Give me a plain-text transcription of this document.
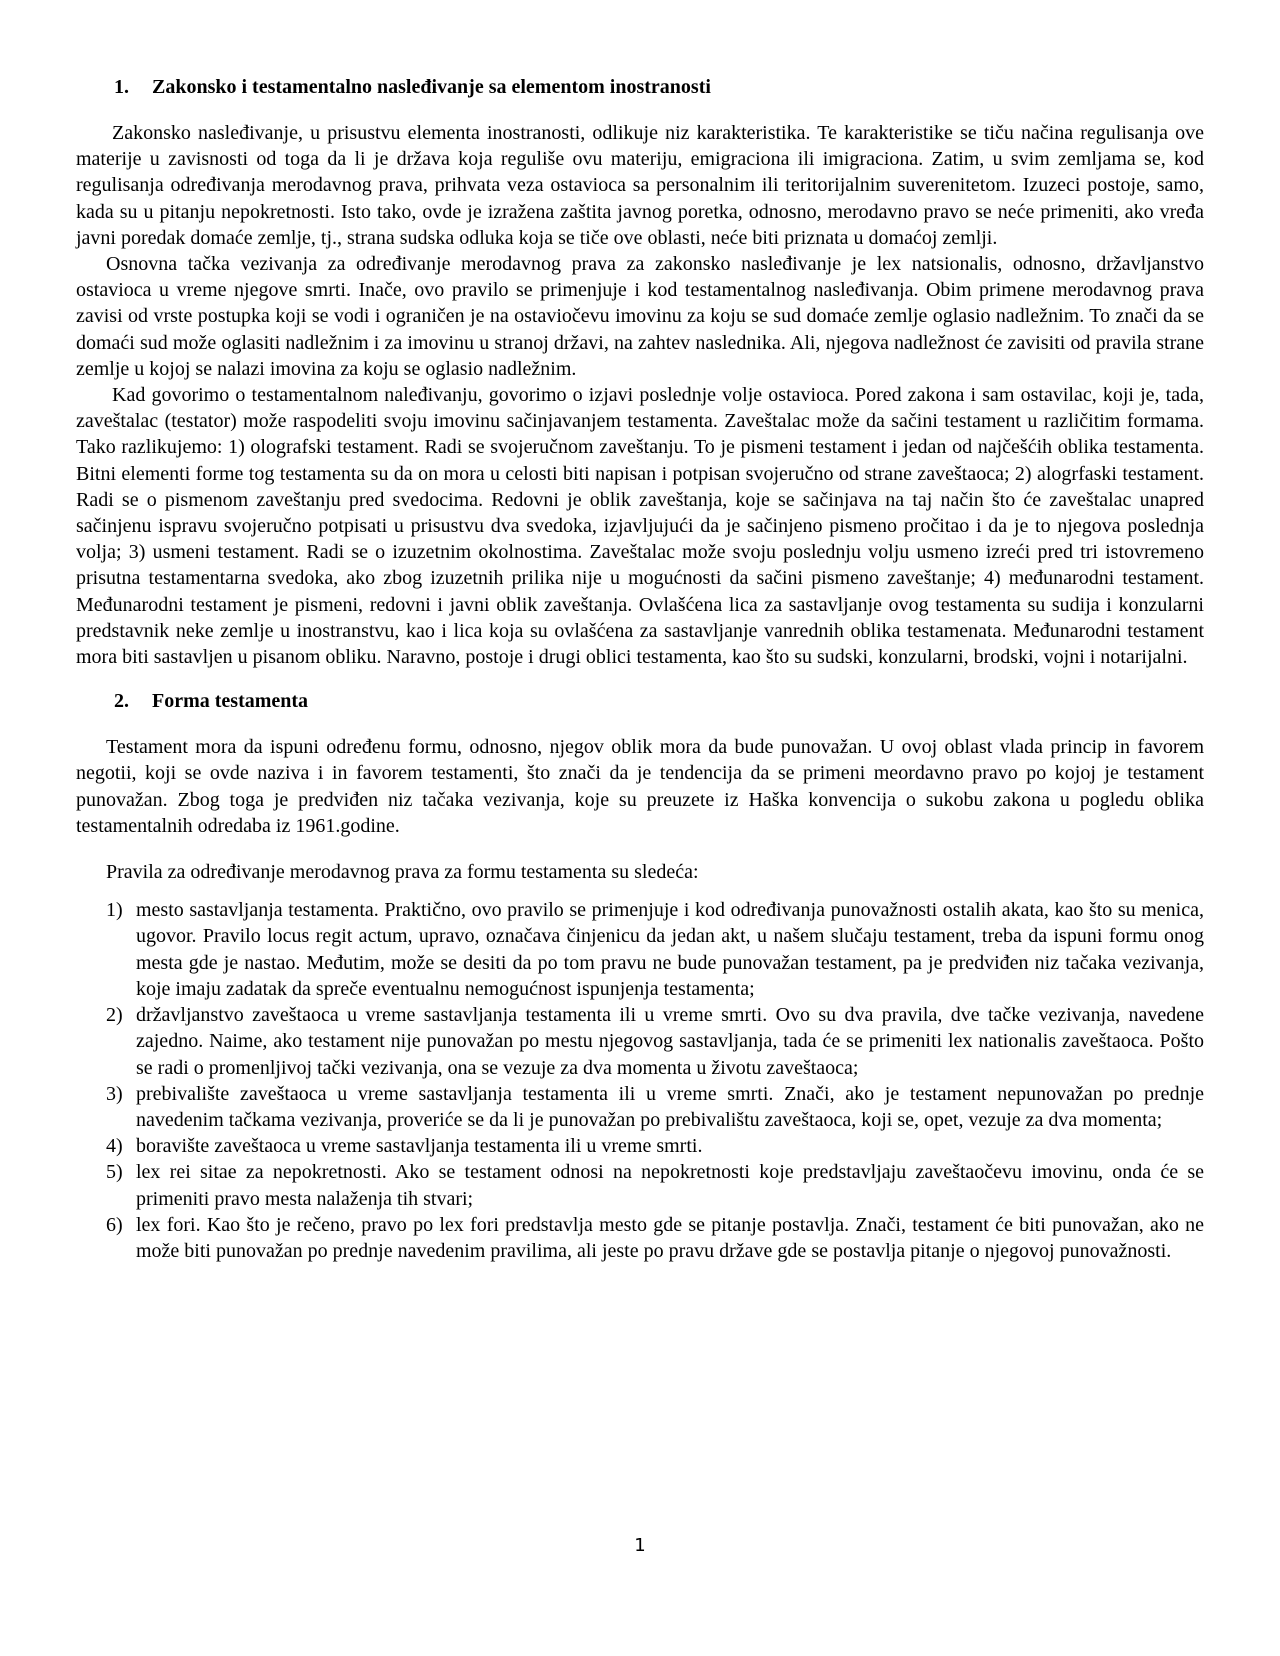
1.	Zakonsko i testamentalno nasleđivanje sa elementom inostranosti

Zakonsko nasleđivanje, u prisustvu elementa inostranosti, odlikuje niz karakteristika. Te karakteristike se tiču načina regulisanja ove materije u zavisnosti od toga da li je država koja reguliše ovu materiju, emigraciona ili imigraciona. Zatim, u svim zemljama se, kod regulisanja određivanja merodavnog prava, prihvata veza ostavioca sa personalnim ili teritorijalnim suverenitetom. Izuzeci postoje, samo, kada su u pitanju nepokretnosti. Isto tako, ovde je izražena zaštita javnog poretka, odnosno, merodavno pravo se neće primeniti, ako vređa javni poredak domaće zemlje, tj., strana sudska odluka koja se tiče ove oblasti, neće biti priznata u domaćoj zemlji.

Osnovna tačka vezivanja za određivanje merodavnog prava za zakonsko nasleđivanje je lex natsionalis, odnosno, državljanstvo ostavioca u vreme njegove smrti. Inače, ovo pravilo se primenjuje i kod testamentalnog nasleđivanja. Obim primene merodavnog prava zavisi od vrste postupka koji se vodi i ograničen je na ostaviočevu imovinu za koju se sud domaće zemlje oglasio nadležnim. To znači da se domaći sud može oglasiti nadležnim i za imovinu u stranoj državi, na zahtev naslednika. Ali, njegova nadležnost će zavisiti od pravila strane zemlje u kojoj se nalazi imovina za koju se oglasio nadležnim.

Kad govorimo o testamentalnom nalеđivanju, govorimo o izjavi poslednje volje ostavioca. Pored zakona i sam ostavilac, koji je, tada, zaveštalac (testator) može raspodeliti svoju imovinu sačinjavanjem testamenta. Zaveštalac može da sačini testament u različitim formama. Tako razlikujemo: 1) olografski testament. Radi se svojeručnom zaveštanju. To je pismeni testament i jedan od najčešćih oblika testamenta. Bitni elementi forme tog testamenta su da on mora u celosti biti napisan i potpisan svojeručno od strane zaveštaoca; 2) alogrfaski testament. Radi se o pismenom zaveštanju pred svedocima. Redovni je oblik zaveštanja, koje se sačinjava na taj način što će zaveštalac unapred sačinjenu ispravu svojeručno potpisati u prisustvu dva svedoka, izjavljujući da je sačinjeno pismeno pročitao i da je to njegova poslednja volja; 3) usmeni testament. Radi se o izuzetnim okolnostima. Zaveštalac može svoju poslednju volju usmeno izreći pred tri istovremeno prisutna testamentarna svedoka, ako zbog izuzetnih prilika nije u mogućnosti da sačini pismeno zaveštanje; 4) međunarodni testament. Međunarodni testament je pismeni, redovni i javni oblik zaveštanja. Ovlašćena lica za sastavljanje ovog testamenta su sudija i konzularni predstavnik neke zemlje u inostranstvu, kao i lica koja su ovlašćena za sastavljanje vanrednih oblika testamenata. Međunarodni testament mora biti sastavljen u pisanom obliku. Naravno, postoje i drugi oblici testamenta, kao što su sudski, konzularni, brodski, vojni i notarijalni.

2.	Forma testamenta

Testament mora da ispuni određenu formu, odnosno, njegov oblik mora da bude punovažan. U ovoj oblast vlada princip in favorem negotii, koji se ovde naziva i in favorem testamenti, što znači da je tendencija da se primeni meordavno pravo po kojoj je testament punovažan. Zbog toga je predviđen niz tačaka vezivanja, koje su preuzete iz Haška konvencija o sukobu zakona u pogledu oblika testamentalnih odredaba iz 1961.godine.

Pravila za određivanje merodavnog prava za formu testamenta su sledeća:

1) mesto sastavljanja testamenta. Praktično, ovo pravilo se primenjuje i kod određivanja punovažnosti ostalih akata, kao što su menica, ugovor. Pravilo locus regit actum, upravo, označava činjenicu da jedan akt, u našem slučaju testament, treba da ispuni formu onog mesta gde je nastao. Međutim, može se desiti da po tom pravu ne bude punovažan testament, pa je predviđen niz tačaka vezivanja, koje imaju zadatak da spreče eventualnu nemogućnost ispunjenja testamenta;
2) državljanstvo zaveštaoca u vreme sastavljanja testamenta ili u vreme smrti. Ovo su dva pravila, dve tačke vezivanja, navedene zajedno. Naime, ako testament nije punovažan po mestu njegovog sastavljanja, tada će se primeniti lex nationalis zaveštaoca. Pošto se radi o promenljivoj tački vezivanja, ona se vezuje za dva momenta u životu zaveštaoca;
3) prebivalište zaveštaoca u vreme sastavljanja testamenta ili u vreme smrti. Znači, ako je testament nepunovažan po prednje navedenim tačkama vezivanja, proveriće se da li je punovažan po prebivalištu zaveštaoca, koji se, opet, vezuje za dva momenta;
4) boravište zaveštaoca u vreme sastavljanja testamenta ili u vreme smrti.
5) lex rei sitae za nepokretnosti. Ako se testament odnosi na nepokretnosti koje predstavljaju zaveštaočevu imovinu, onda će se primeniti pravo mesta nalaženja tih stvari;
6) lex fori. Kao što je rečeno, pravo po lex fori predstavlja mesto gde se pitanje postavlja. Znači, testament će biti punovažan, ako ne može biti punovažan po prednje navedenim pravilima, ali jeste po pravu države gde se postavlja pitanje o njegovoj punovažnosti.
1
